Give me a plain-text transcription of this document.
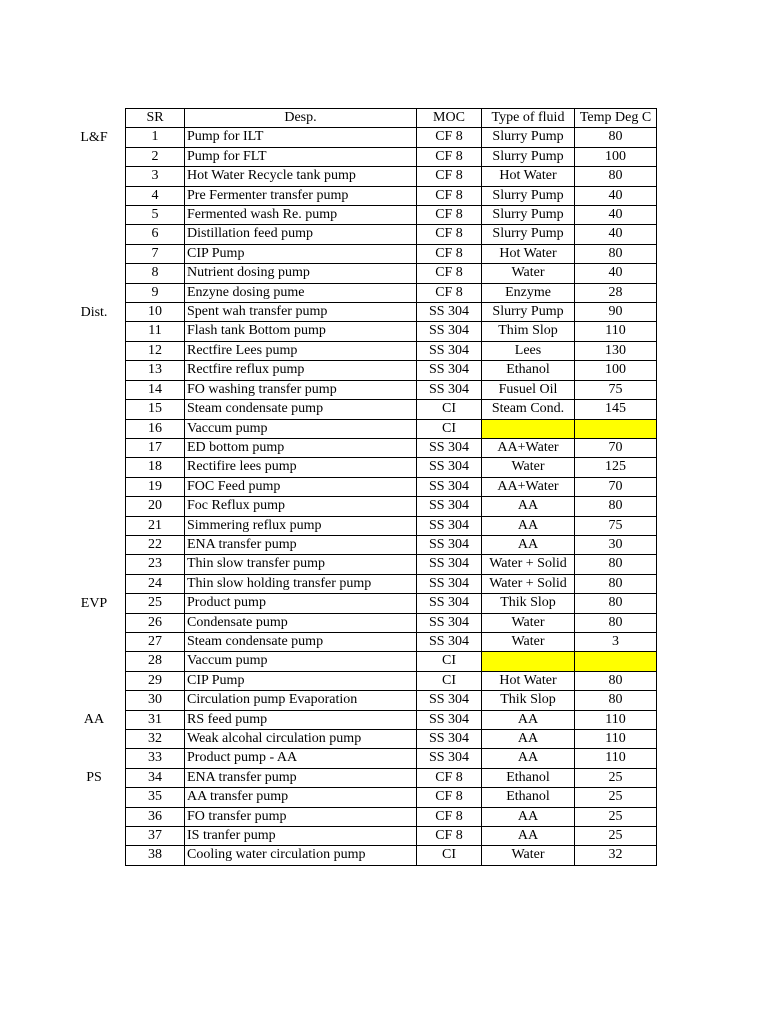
L&F
Dist.
EVP
AA
PS
SR	Desp.	MOC	Type of fluid	Temp Deg C
1	Pump for ILT	CF 8	Slurry Pump	80
2	Pump for FLT	CF 8	Slurry Pump	100
3	Hot Water Recycle tank pump	CF 8	Hot Water	80
4	Pre Fermenter transfer pump	CF 8	Slurry Pump	40
5	Fermented wash Re. pump	CF 8	Slurry Pump	40
6	Distillation feed pump	CF 8	Slurry Pump	40
7	CIP Pump	CF 8	Hot Water	80
8	Nutrient dosing pump	CF 8	Water	40
9	Enzyne dosing pume	CF 8	Enzyme	28
10	Spent wah transfer pump	SS 304	Slurry Pump	90
11	Flash tank Bottom pump	SS 304	Thim Slop	110
12	Rectfire Lees pump	SS 304	Lees	130
13	Rectfire reflux pump	SS 304	Ethanol	100
14	FO washing transfer pump	SS 304	Fusuel Oil	75
15	Steam condensate pump	CI	Steam Cond.	145
16	Vaccum pump	CI		
17	ED bottom pump	SS 304	AA+Water	70
18	Rectifire lees pump	SS 304	Water	125
19	FOC Feed pump	SS 304	AA+Water	70
20	Foc Reflux pump	SS 304	AA	80
21	Simmering reflux pump	SS 304	AA	75
22	ENA transfer pump	SS 304	AA	30
23	Thin slow transfer pump	SS 304	Water + Solid	80
24	Thin slow holding transfer pump	SS 304	Water + Solid	80
25	Product pump	SS 304	Thik Slop	80
26	Condensate pump	SS 304	Water	80
27	Steam condensate pump	SS 304	Water	3
28	Vaccum pump	CI		
29	CIP Pump	CI	Hot Water	80
30	Circulation pump Evaporation	SS 304	Thik Slop	80
31	RS feed pump	SS 304	AA	110
32	Weak alcohal circulation pump	SS 304	AA	110
33	Product pump - AA	SS 304	AA	110
34	ENA transfer pump	CF 8	Ethanol	25
35	AA transfer pump	CF 8	Ethanol	25
36	FO transfer pump	CF 8	AA	25
37	IS tranfer pump	CF 8	AA	25
38	Cooling water circulation pump	CI	Water	32
